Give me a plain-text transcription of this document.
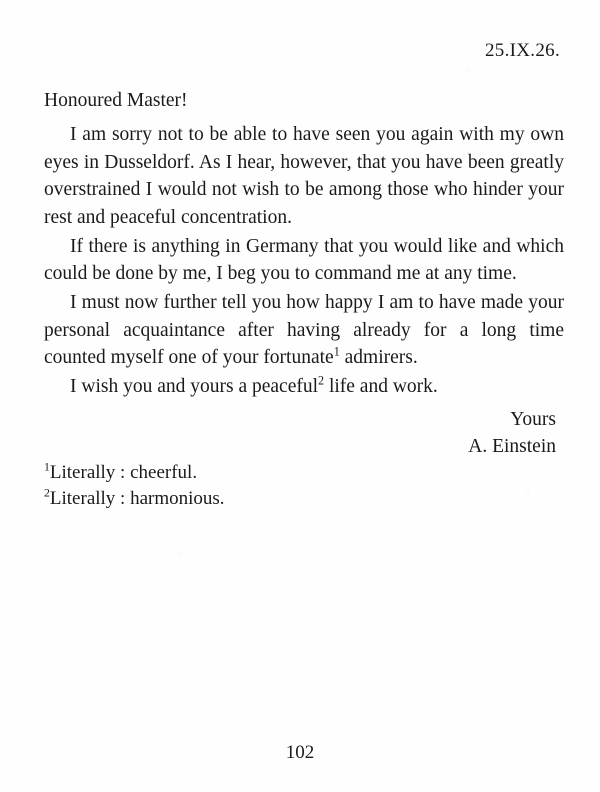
25.IX.26.

Honoured Master!

I am sorry not to be able to have seen you again with my own eyes in Dusseldorf. As I hear, however, that you have been greatly overstrained I would not wish to be among those who hinder your rest and peaceful concentration.

If there is anything in Germany that you would like and which could be done by me, I beg you to command me at any time.

I must now further tell you how happy I am to have made your personal acquaintance after having already for a long time counted myself one of your fortunate$^1$ admirers.

I wish you and yours a peaceful$^2$ life and work.

Yours
A. Einstein

$^1$Literally : cheerful.

$^2$Literally : harmonious.

102
